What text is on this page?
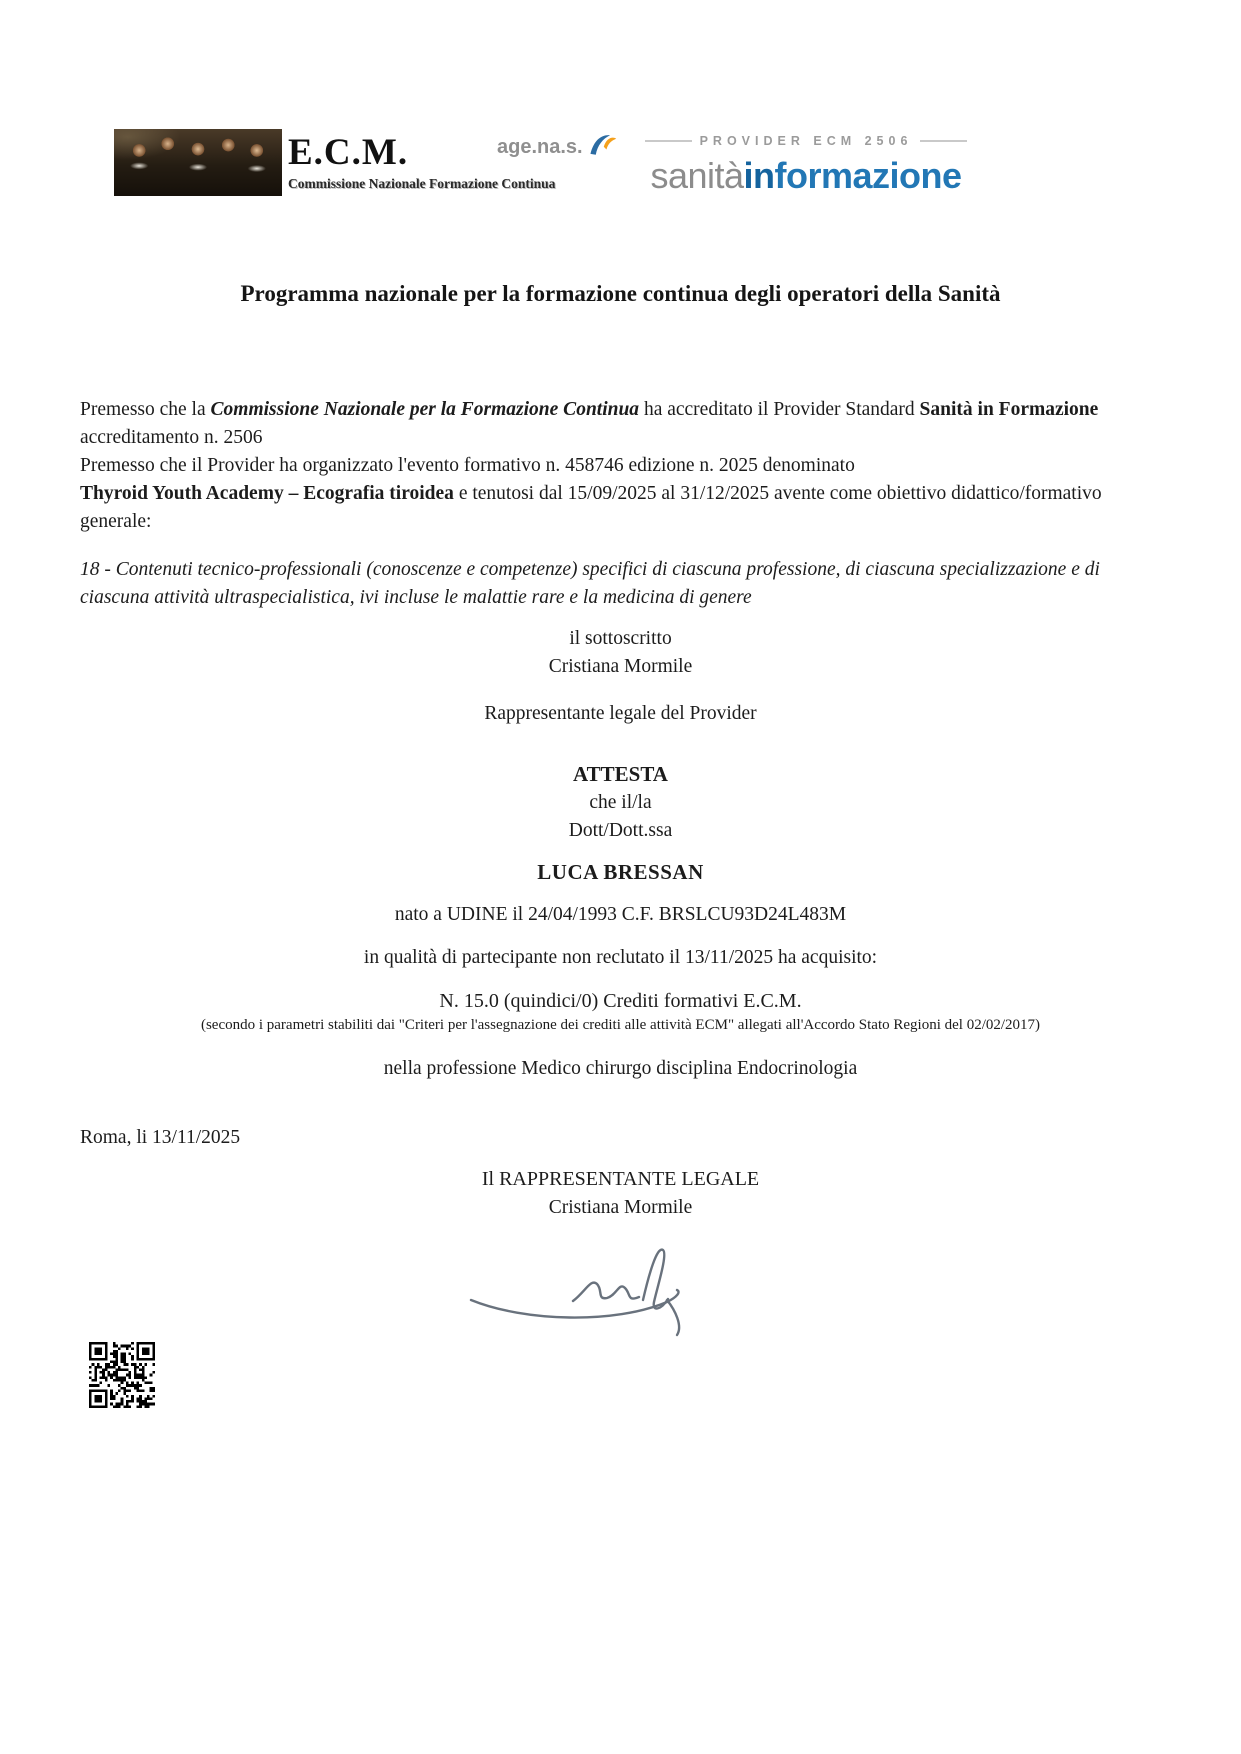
E.C.M.
Commissione Nazionale Formazione Continua
age.na.s.	PROVIDER ECM 2506
sanitàinformazione
Programma nazionale per la formazione continua degli operatori della Sanità

Premesso che la Commissione Nazionale per la Formazione Continua ha accreditato il Provider Standard Sanità in Formazione accreditamento n. 2506

Premesso che il Provider ha organizzato l'evento formativo n. 458746 edizione n. 2025 denominato
Thyroid Youth Academy – Ecografia tiroidea e tenutosi dal 15/09/2025 al 31/12/2025 avente come obiettivo didattico/formativo generale:

18 - Contenuti tecnico-professionali (conoscenze e competenze) specifici di ciascuna professione, di ciascuna specializzazione e di ciascuna attività ultraspecialistica, ivi incluse le malattie rare e la medicina di genere

il sottoscritto

Cristiana Mormile

Rappresentante legale del Provider

ATTESTA

che il/la

Dott/Dott.ssa

LUCA BRESSAN

nato a UDINE il 24/04/1993 C.F. BRSLCU93D24L483M

in qualità di partecipante non reclutato il 13/11/2025 ha acquisito:

N. 15.0 (quindici/0) Crediti formativi E.C.M.

(secondo i parametri stabiliti dai "Criteri per l'assegnazione dei crediti alle attività ECM" allegati all'Accordo Stato Regioni del 02/02/2017)

nella professione Medico chirurgo disciplina Endocrinologia

Roma, li 13/11/2025

Il RAPPRESENTANTE LEGALE

Cristiana Mormile
